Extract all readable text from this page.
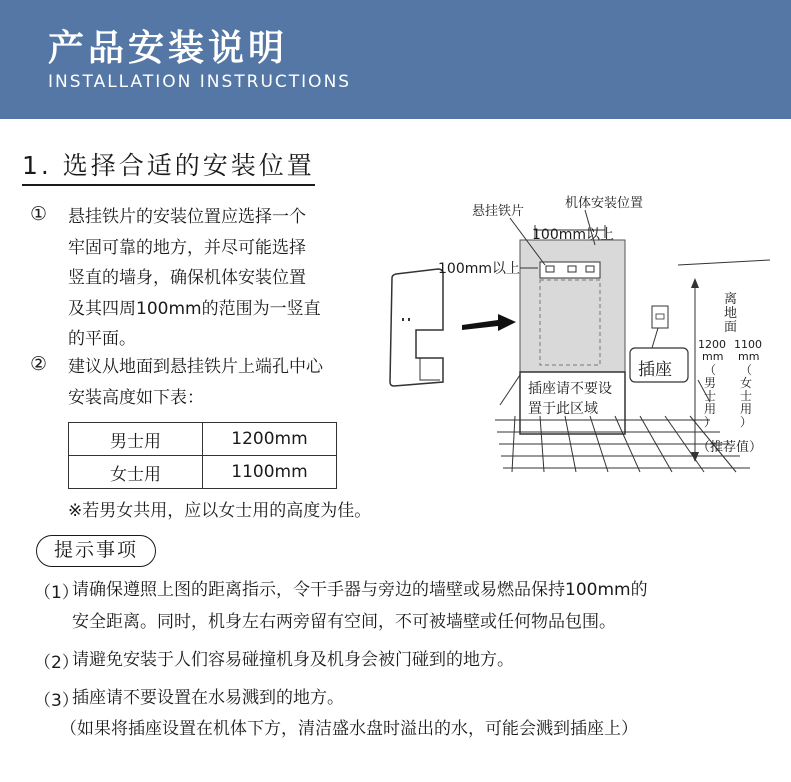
产品安装说明
INSTALLATION INSTRUCTIONS
1. 选择合适的安装位置
① 悬挂铁片的安装位置应选择一个
牢固可靠的地方，并尽可能选择
竖直的墙身，确保机体安装位置
及其四周100mm的范围为一竖直
的平面。
② 建议从地面到悬挂铁片上端孔中心
安装高度如下表：
男士用	1200mm
女士用	1100mm
※若男女共用，应以女士用的高度为佳。
悬挂铁片
机体安装位置
100mm以上
100mm以上
插座
插座请不要设
置于此区域
离
地
面
1200
mm
1100
mm
（
男
士
用
）
（
女
士
用
）
（推荐值）
提示事项
（1）
请确保遵照上图的距离指示，令干手器与旁边的墙壁或易燃品保持100mm的
安全距离。同时，机身左右两旁留有空间，不可被墙壁或任何物品包围。
（2）
请避免安装于人们容易碰撞机身及机身会被门碰到的地方。
（3）
插座请不要设置在水易溅到的地方。
（如果将插座设置在机体下方，清洁盛水盘时溢出的水，可能会溅到插座上）
